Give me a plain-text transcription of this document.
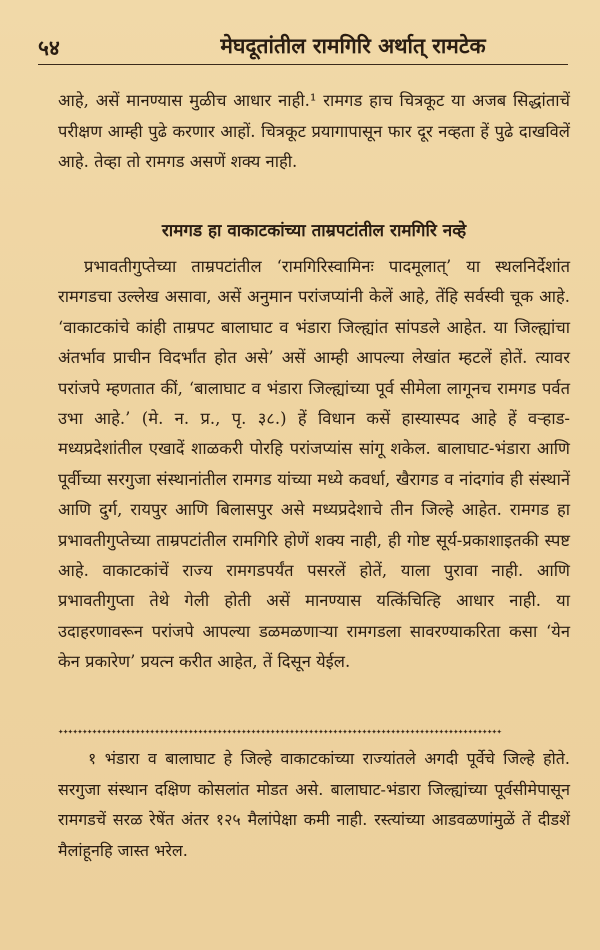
५४	मेघदूतांतील रामगिरि अर्थात् रामटेक

आहे, असें मानण्यास मुळीच आधार नाही.¹ रामगड हाच चित्रकूट या अजब सिद्धांताचें परीक्षण आम्ही पुढे करणार आहों. चित्रकूट प्रयागापासून फार दूर नव्हता हें पुढे दाखविलें आहे. तेव्हा तो रामगड असणें शक्य नाही.

रामगड हा वाकाटकांच्या ताम्रपटांतील रामगिरि नव्हे
प्रभावतीगुप्तेच्या ताम्रपटांतील ‘रामगिरिस्वामिनः पादमूलात्’ या स्थलनिर्देशांत रामगडचा उल्लेख असावा, असें अनुमान परांजप्यांनी केलें आहे, तेंहि सर्वस्वी चूक आहे. ‘वाकाटकांचे कांही ताम्रपट बालाघाट व भंडारा जिल्ह्यांत सांपडले आहेत. या जिल्ह्यांचा अंतर्भाव प्राचीन विदर्भांत होत असे’ असें आम्ही आपल्या लेखांत म्हटलें होतें. त्यावर परांजपे म्हणतात कीं, ‘बालाघाट व भंडारा जिल्ह्यांच्या पूर्व सीमेला लागूनच रामगड पर्वत उभा आहे.’ (मे. न. प्र., पृ. ३८.) हें विधान कसें हास्यास्पद आहे हें वऱ्हाड-मध्यप्रदेशांतील एखादें शाळकरी पोरहि परांजप्यांस सांगू शकेल. बालाघाट-भंडारा आणि पूर्वीच्या सरगुजा संस्थानांतील रामगड यांच्या मध्ये कवर्धा, खैरागड व नांदगांव ही संस्थानें आणि दुर्ग, रायपुर आणि बिलासपुर असे मध्यप्रदेशाचे तीन जिल्हे आहेत. रामगड हा प्रभावतीगुप्तेच्या ताम्रपटांतील रामगिरि होणें शक्य नाही, ही गोष्ट सूर्य-प्रकाशाइतकी स्पष्ट आहे. वाकाटकांचें राज्य रामगडपर्यंत पसरलें होतें, याला पुरावा नाही. आणि प्रभावतीगुप्ता तेथे गेली होती असें मानण्यास यत्किंचित्हि आधार नाही. या उदाहरणावरून परांजपे आपल्या डळमळणाऱ्या रामगडला सावरण्याकरिता कसा ‘येन केन प्रकारेण’ प्रयत्न करीत आहेत, तें दिसून येईल.
✦✦✦✦✦✦✦✦✦✦✦✦✦✦✦✦✦✦✦✦✦✦✦✦✦✦✦✦✦✦✦✦✦✦✦✦✦✦✦✦✦✦✦✦✦✦✦✦✦✦✦✦✦✦✦✦✦✦✦✦✦✦✦✦✦✦✦✦✦✦✦✦✦✦✦✦✦✦✦✦✦✦✦✦✦✦✦✦✦✦✦✦
१ भंडारा व बालाघाट हे जिल्हे वाकाटकांच्या राज्यांतले अगदी पूर्वेचे जिल्हे होते. सरगुजा संस्थान दक्षिण कोसलांत मोडत असे. बालाघाट-भंडारा जिल्ह्यांच्या पूर्वसीमेपासून रामगडचें सरळ रेषेंत अंतर १२५ मैलांपेक्षा कमी नाही. रस्त्यांच्या आडवळणांमुळें तें दीडशें मैलांहूनहि जास्त भरेल.
